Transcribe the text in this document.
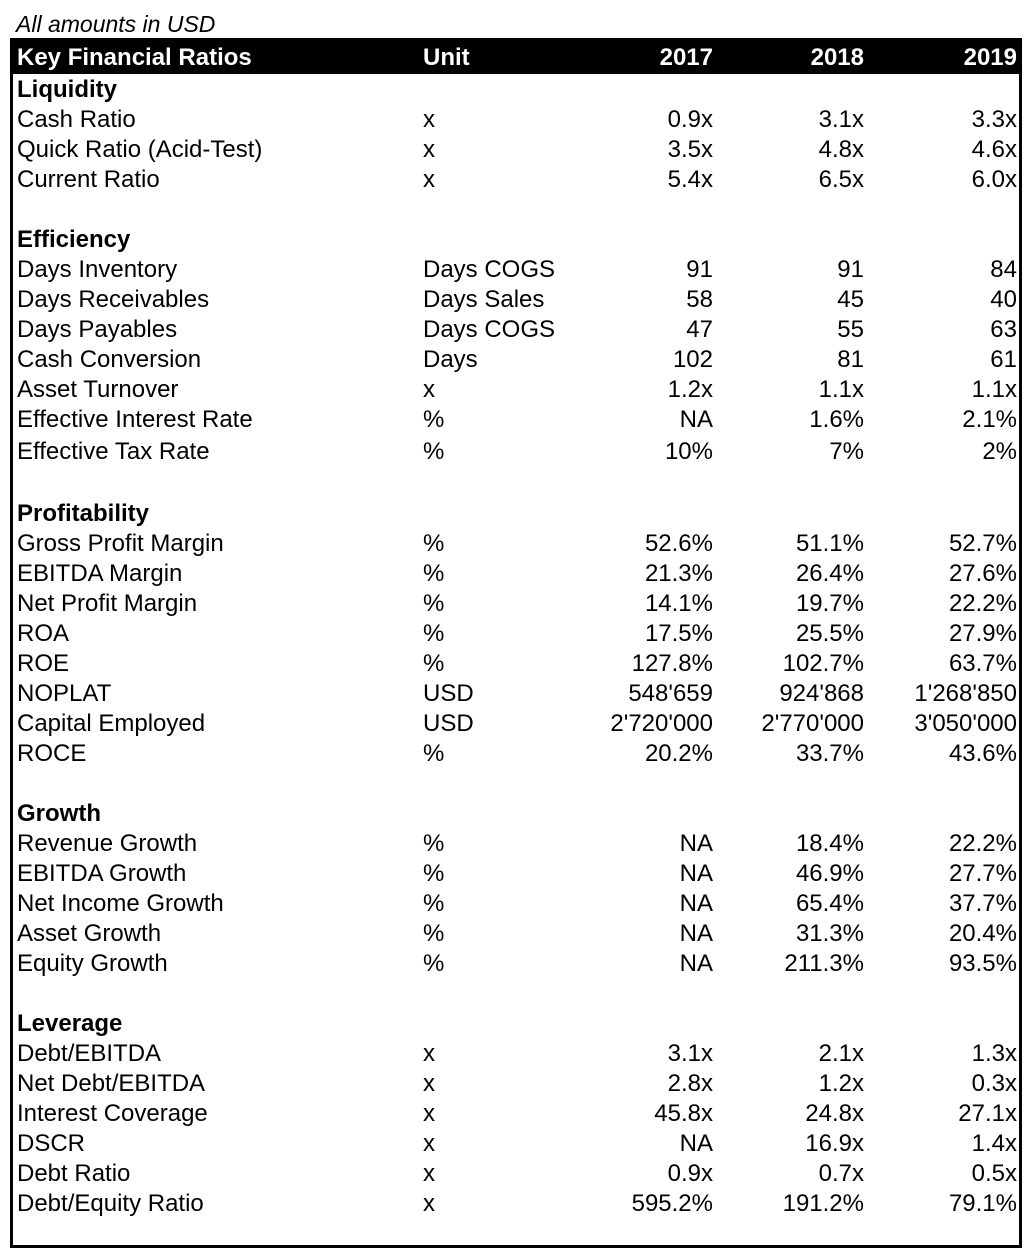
All amounts in USD
Key Financial Ratios	Unit	2017	2018	2019
Liquidity
Cash Ratio	x	0.9x	3.1x	3.3x
Quick Ratio (Acid-Test)	x	3.5x	4.8x	4.6x
Current Ratio	x	5.4x	6.5x	6.0x
Efficiency
Days Inventory	Days COGS	91	91	84
Days Receivables	Days Sales	58	45	40
Days Payables	Days COGS	47	55	63
Cash Conversion	Days	102	81	61
Asset Turnover	x	1.2x	1.1x	1.1x
Effective Interest Rate	%	NA	1.6%	2.1%
Effective Tax Rate	%	10%	7%	2%
Profitability
Gross Profit Margin	%	52.6%	51.1%	52.7%
EBITDA Margin	%	21.3%	26.4%	27.6%
Net Profit Margin	%	14.1%	19.7%	22.2%
ROA	%	17.5%	25.5%	27.9%
ROE	%	127.8%	102.7%	63.7%
NOPLAT	USD	548'659	924'868 1'268'850
Capital Employed	USD	2'720'000 2'770'000 3'050'000
ROCE	%	20.2%	33.7%	43.6%
Growth
Revenue Growth	%	NA	18.4%	22.2%
EBITDA Growth	%	NA	46.9%	27.7%
Net Income Growth	%	NA	65.4%	37.7%
Asset Growth	%	NA	31.3%	20.4%
Equity Growth	%	NA	211.3%	93.5%
Leverage
Debt/EBITDA	x	3.1x	2.1x	1.3x
Net Debt/EBITDA	x	2.8x	1.2x	0.3x
Interest Coverage	x	45.8x	24.8x	27.1x
DSCR	x	NA	16.9x	1.4x
Debt Ratio	x	0.9x	0.7x	0.5x
Debt/Equity Ratio	x	595.2%	191.2%	79.1%
